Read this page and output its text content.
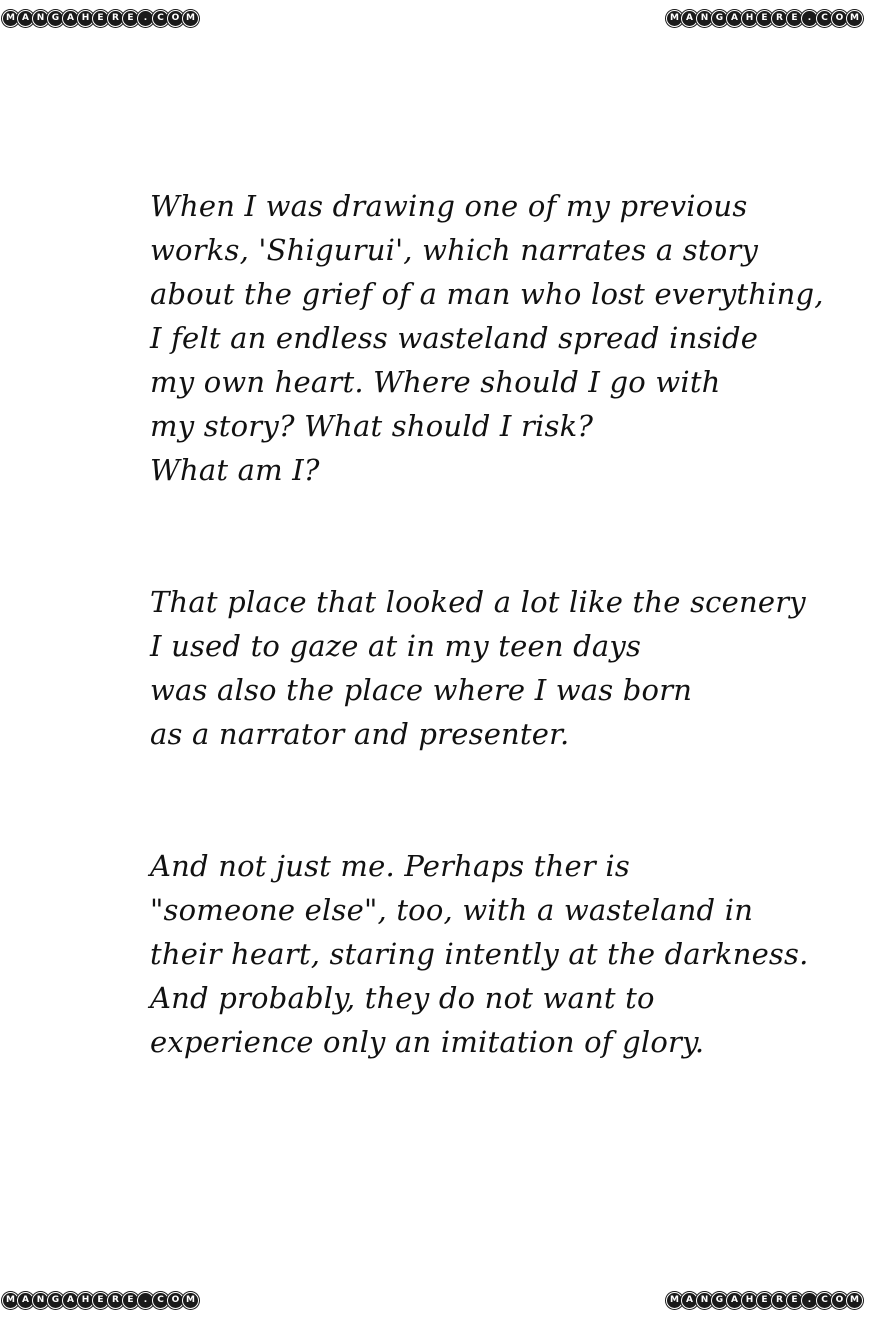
M A N G A H E R E	.	C O M	M A N G A H E R E	.	C O M
M A N G A H E R E	.	C O M	M A N G A H E R E	.	C O M

When I was drawing one of my previous
works, 'Shigurui', which narrates a story
about the grief of a man who lost everything,
I felt an endless wasteland spread inside
my own heart. Where should I go with
my story? What should I risk?
What am I?

That place that looked a lot like the scenery
I used to gaze at in my teen days
was also the place where I was born
as a narrator and presenter.

And not just me. Perhaps ther is
"someone else", too, with a wasteland in
their heart, staring intently at the darkness.
And probably, they do not want to
experience only an imitation of glory.
